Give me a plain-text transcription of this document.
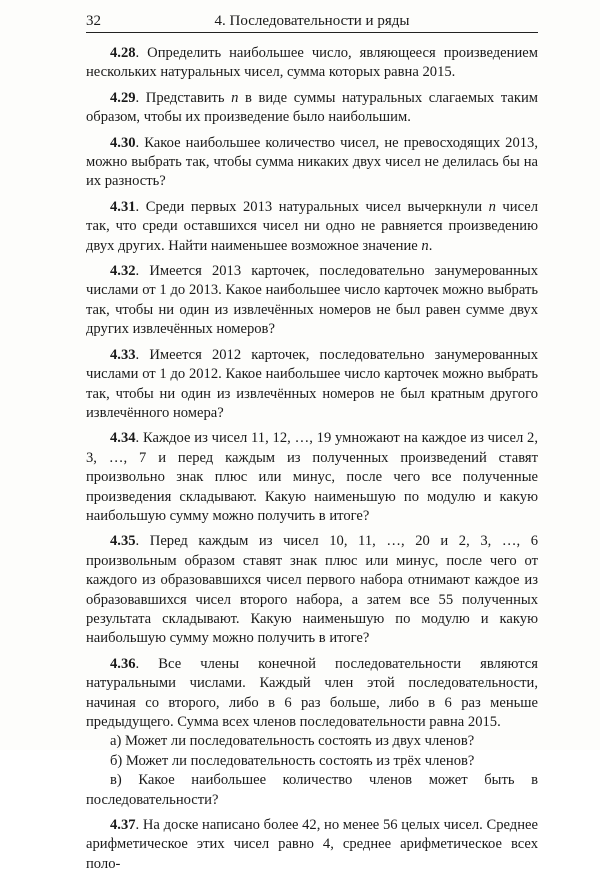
32	4. Последовательности и ряды

4.28. Определить наибольшее число, являющееся произведением нескольких натуральных чисел, сумма которых равна 2015.

4.29. Представить n в виде суммы натуральных слагаемых таким образом, чтобы их произведение было наибольшим.

4.30. Какое наибольшее количество чисел, не превосходящих 2013, можно выбрать так, чтобы сумма никаких двух чисел не делилась бы на их разность?

4.31. Среди первых 2013 натуральных чисел вычеркнули n чисел так, что среди оставшихся чисел ни одно не равняется произведению двух других. Найти наименьшее возможное значение n.

4.32. Имеется 2013 карточек, последовательно занумерованных числами от 1 до 2013. Какое наибольшее число карточек можно выбрать так, чтобы ни один из извлечённых номеров не был равен сумме двух других извлечённых номеров?

4.33. Имеется 2012 карточек, последовательно занумерованных числами от 1 до 2012. Какое наибольшее число карточек можно выбрать так, чтобы ни один из извлечённых номеров не был кратным другого извлечённого номера?

4.34. Каждое из чисел 11, 12, …, 19 умножают на каждое из чисел 2, 3, …, 7 и перед каждым из полученных произведений ставят произвольно знак плюс или минус, после чего все полученные произведения складывают. Какую наименьшую по модулю и какую наибольшую сумму можно получить в итоге?

4.35. Перед каждым из чисел 10, 11, …, 20 и 2, 3, …, 6 произвольным образом ставят знак плюс или минус, после чего от каждого из образовавшихся чисел первого набора отнимают каждое из образовавшихся чисел второго набора, а затем все 55 полученных результата складывают. Какую наименьшую по модулю и какую наибольшую сумму можно получить в итоге?

4.36. Все члены конечной последовательности являются натуральными числами. Каждый член этой последовательности, начиная со второго, либо в 6 раз больше, либо в 6 раз меньше предыдущего. Сумма всех членов последовательности равна 2015.

а) Может ли последовательность состоять из двух членов?

б) Может ли последовательность состоять из трёх членов?

в) Какое наибольшее количество членов может быть в последовательности?

4.37. На доске написано более 42, но менее 56 целых чисел. Среднее арифметическое этих чисел равно 4, среднее арифметическое всех поло-
